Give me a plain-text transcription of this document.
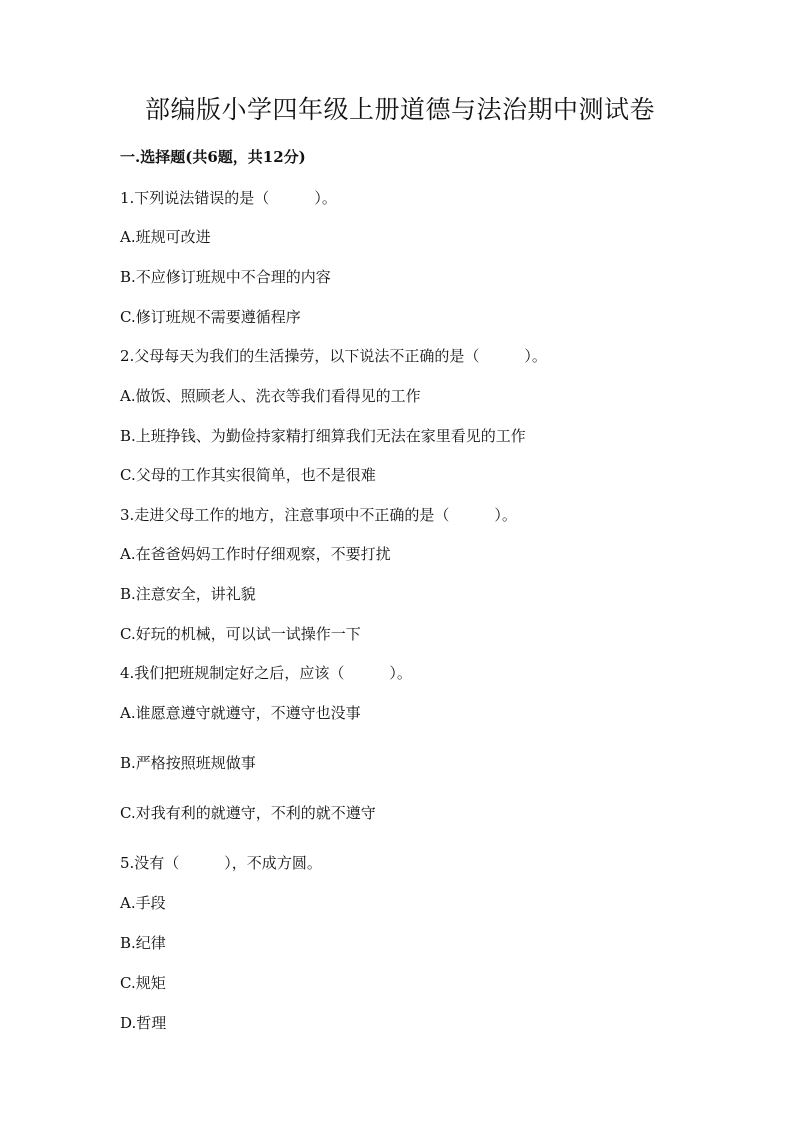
部编版小学四年级上册道德与法治期中测试卷
一.选择题(共6题，共12分)
1.下列说法错误的是（　　　）。
A.班规可改进
B.不应修订班规中不合理的内容
C.修订班规不需要遵循程序
2.父母每天为我们的生活操劳，以下说法不正确的是（　　　）。
A.做饭、照顾老人、洗衣等我们看得见的工作
B.上班挣钱、为勤俭持家精打细算我们无法在家里看见的工作
C.父母的工作其实很简单，也不是很难
3.走进父母工作的地方，注意事项中不正确的是（　　　）。
A.在爸爸妈妈工作时仔细观察，不要打扰
B.注意安全，讲礼貌
C.好玩的机械，可以试一试操作一下
4.我们把班规制定好之后，应该（　　　）。
A.谁愿意遵守就遵守，不遵守也没事
B.严格按照班规做事
C.对我有利的就遵守，不利的就不遵守
5.没有（　　　），不成方圆。
A.手段
B.纪律
C.规矩
D.哲理
